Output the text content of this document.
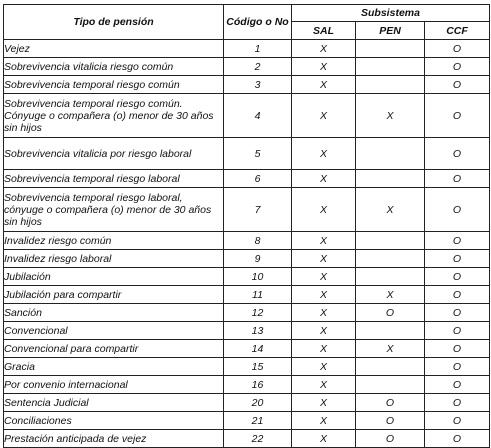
Tipo de pensión	Código o No	Subsistema		
		SAL	PEN	CCF
Vejez	1	X		O
Sobrevivencia vitalicia riesgo común	2	X		O
Sobrevivencia temporal riesgo común	3	X		O
Sobrevivencia temporal riesgo común. Cónyuge o compañera (o) menor de 30 años sin hijos	4	X	X	O
Sobrevivencia vitalicia por riesgo laboral	5	X		O
Sobrevivencia temporal riesgo laboral	6	X		O
Sobrevivencia temporal riesgo laboral, cónyuge o compañera (o) menor de 30 años sin hijos	7	X	X	O
Invalidez riesgo común	8	X		O
Invalidez riesgo laboral	9	X		O
Jubilación	10	X		O
Jubilación para compartir	11	X	X	O
Sanción	12	X	O	O
Convencional	13	X		O
Convencional para compartir	14	X	X	O
Gracia	15	X		O
Por convenio internacional	16	X		O
Sentencia Judicial	20	X	O	O
Conciliaciones	21	X	O	O
Prestación anticipada de vejez	22	X	O	O
